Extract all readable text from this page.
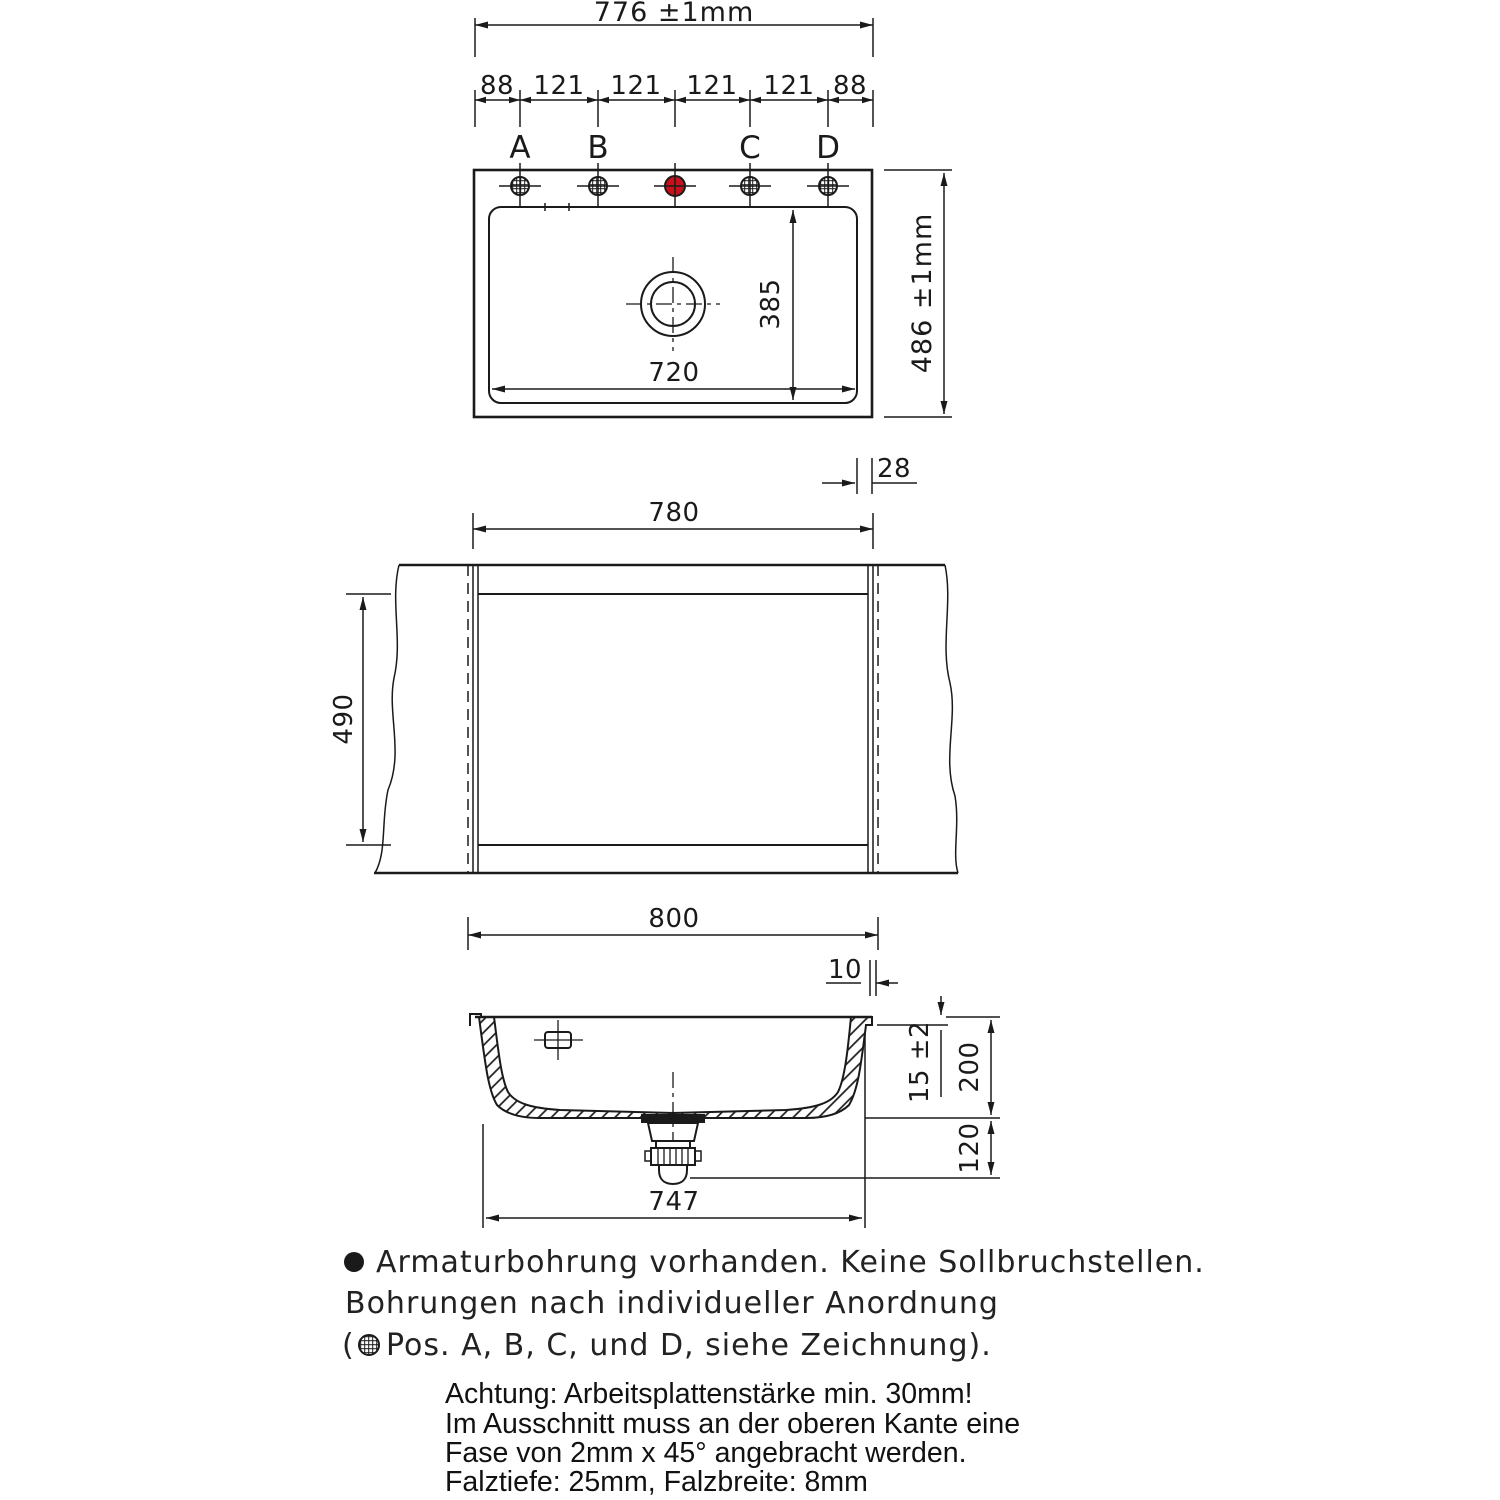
776 ±1mm
88 121 121 121 121 88
A B	C D
385
720	486 ±1mm
28
780
490
800
10
15 ±2 200
120
747
Armaturbohrung vorhanden. Keine Sollbruchstellen.
Bohrungen nach individueller Anordnung
( Pos. A, B, C, und D, siehe Zeichnung).
Achtung: Arbeitsplattenstärke min. 30mm!
Im Ausschnitt muss an der oberen Kante eine
Fase von 2mm x 45° angebracht werden.
Falztiefe: 25mm, Falzbreite: 8mm
